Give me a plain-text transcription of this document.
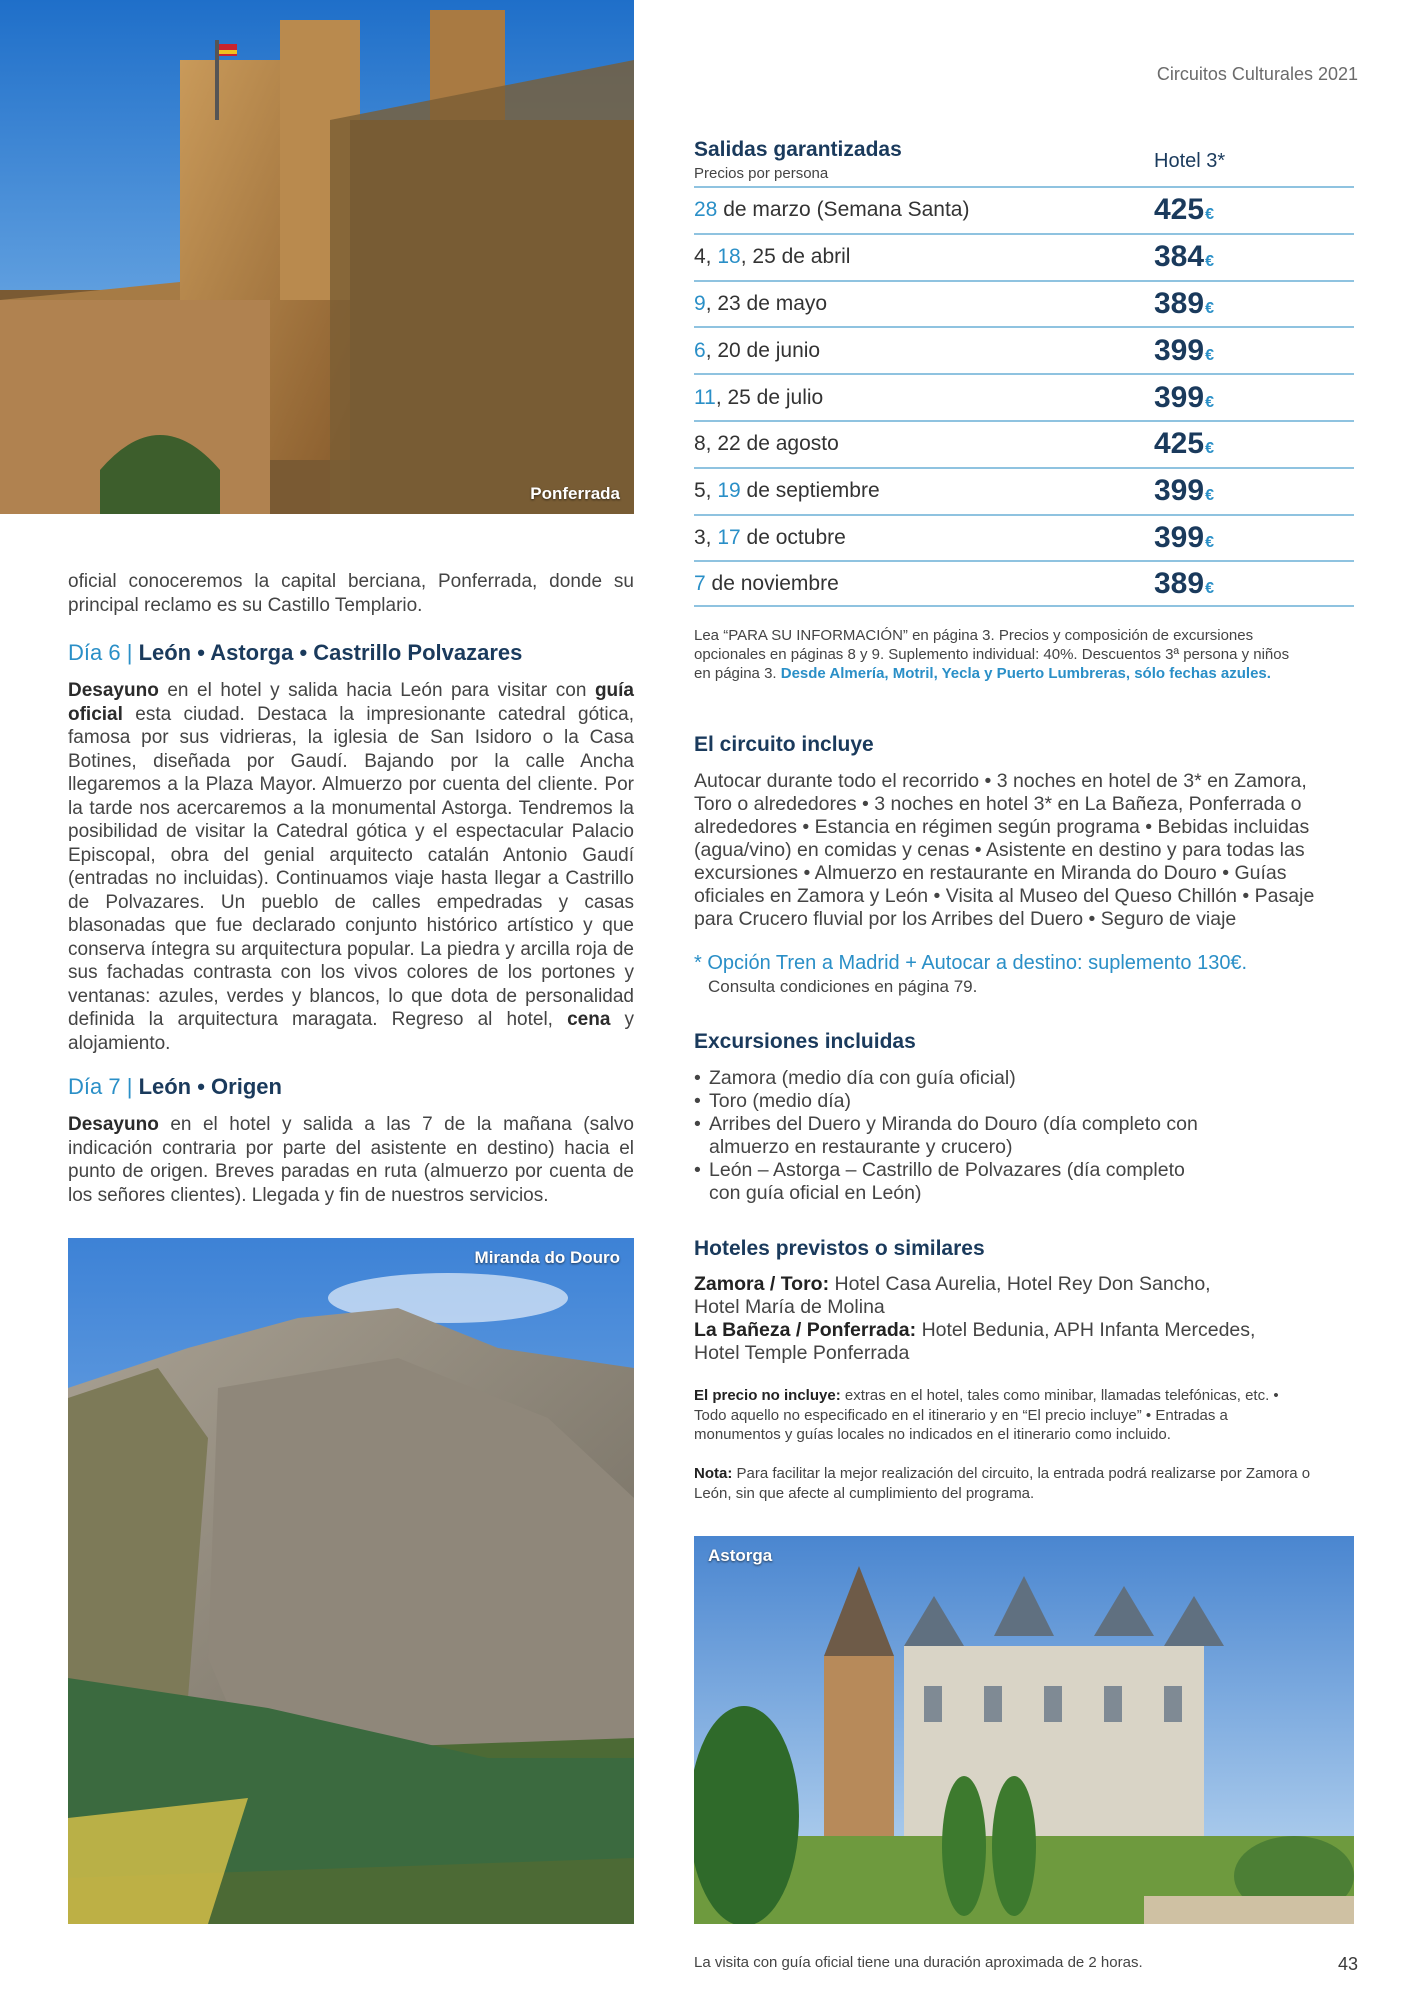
Circuitos Culturales 2021
Ponferrada
oficial conoceremos la capital berciana, Ponferrada, donde su principal reclamo es su Castillo Templario.
Día 6 | León • Astorga • Castrillo Polvazares
Desayuno en el hotel y salida hacia León para visitar con guía oficial esta ciudad. Destaca la impresionante catedral gótica, famosa por sus vidrieras, la iglesia de San Isidoro o la Casa Botines, diseñada por Gaudí. Bajando por la calle Ancha llegaremos a la Plaza Mayor. Almuerzo por cuenta del cliente. Por la tarde nos acercaremos a la monumental Astorga. Tendremos la posibilidad de visitar la Catedral gótica y el espectacular Palacio Episcopal, obra del genial arquitecto catalán Antonio Gaudí (entradas no incluidas). Continuamos viaje hasta llegar a Castrillo de Polvazares. Un pueblo de calles empedradas y casas blasonadas que fue declarado conjunto histórico artístico y que conserva íntegra su arquitectura popular. La piedra y arcilla roja de sus fachadas contrasta con los vivos colores de los portones y ventanas: azules, verdes y blancos, lo que dota de personalidad definida la arquitectura maragata. Regreso al hotel, cena y alojamiento.
Día 7 | León • Origen
Desayuno en el hotel y salida a las 7 de la mañana (salvo indicación contraria por parte del asistente en destino) hacia el punto de origen. Breves paradas en ruta (almuerzo por cuenta de los señores clientes). Llegada y fin de nuestros servicios.
Miranda do Douro
Salidas garantizadas
Precios por persona
Hotel 3*
28 de marzo (Semana Santa)	425€
4, 18, 25 de abril	384€
9, 23 de mayo	389€
6, 20 de junio	399€
11, 25 de julio	399€
8, 22 de agosto	425€
5, 19 de septiembre	399€
3, 17 de octubre	399€
7 de noviembre	389€
Lea “PARA SU INFORMACIÓN” en página 3. Precios y composición de excursiones opcionales en páginas 8 y 9. Suplemento individual: 40%. Descuentos 3ª persona y niños en página 3. Desde Almería, Motril, Yecla y Puerto Lumbreras, sólo fechas azules.
El circuito incluye
Autocar durante todo el recorrido • 3 noches en hotel de 3* en Zamora, Toro o alrededores • 3 noches en hotel 3* en La Bañeza, Ponferrada o alrededores • Estancia en régimen según programa • Bebidas incluidas (agua/vino) en comidas y cenas • Asistente en destino y para todas las excursiones • Almuerzo en restaurante en Miranda do Douro • Guías oficiales en Zamora y León • Visita al Museo del Queso Chillón • Pasaje para Crucero fluvial por los Arribes del Duero • Seguro de viaje
* Opción Tren a Madrid + Autocar a destino: suplemento 130€.
Consulta condiciones en página 79.
Excursiones incluidas
• Zamora (medio día con guía oficial)
• Toro (medio día)
• Arribes del Duero y Miranda do Douro (día completo con almuerzo en restaurante y crucero)
• León – Astorga – Castrillo de Polvazares (día completo con guía oficial en León)
Hoteles previstos o similares
Zamora / Toro: Hotel Casa Aurelia, Hotel Rey Don Sancho, Hotel María de Molina
La Bañeza / Ponferrada: Hotel Bedunia, APH Infanta Mercedes, Hotel Temple Ponferrada
El precio no incluye: extras en el hotel, tales como minibar, llamadas telefónicas, etc. • Todo aquello no especificado en el itinerario y en “El precio incluye” • Entradas a monumentos y guías locales no indicados en el itinerario como incluido.
Nota: Para facilitar la mejor realización del circuito, la entrada podrá realizarse por Zamora o León, sin que afecte al cumplimiento del programa.
Astorga
La visita con guía oficial tiene una duración aproximada de 2 horas.	43
